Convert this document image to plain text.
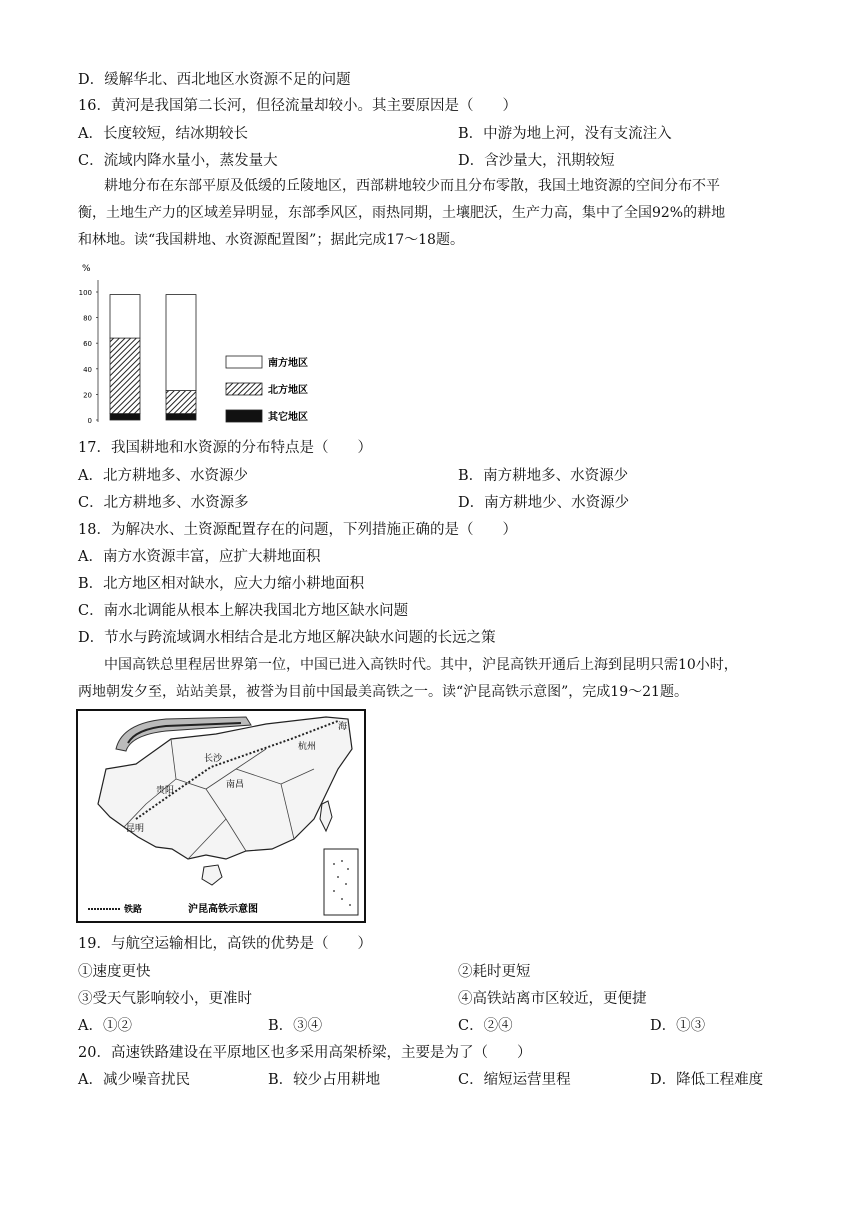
D．缓解华北、西北地区水资源不足的问题
16．黄河是我国第二长河，但径流量却较小。其主要原因是（　　）
A．长度较短，结冰期较长	B．中游为地上河，没有支流注入
C．流域内降水量小，蒸发量大	D．含沙量大，汛期较短
耕地分布在东部平原及低缓的丘陵地区，西部耕地较少而且分布零散，我国土地资源的空间分布不平
衡，土地生产力的区域差异明显，东部季风区，雨热同期，土壤肥沃，生产力高，集中了全国92%的耕地
和林地。读“我国耕地、水资源配置图”；据此完成17～18题。
%
0
20
40
60
80
100
南方地区
北方地区
其它地区
17．我国耕地和水资源的分布特点是（　　）
A．北方耕地多、水资源少	B．南方耕地多、水资源少
C．北方耕地多、水资源多	D．南方耕地少、水资源少
18．为解决水、土资源配置存在的问题，下列措施正确的是（　　）
A．南方水资源丰富，应扩大耕地面积
B．北方地区相对缺水，应大力缩小耕地面积
C．南水北调能从根本上解决我国北方地区缺水问题
D．节水与跨流域调水相结合是北方地区解决缺水问题的长远之策
中国高铁总里程居世界第一位，中国已进入高铁时代。其中，沪昆高铁开通后上海到昆明只需10小时，
两地朝发夕至，站站美景，被誉为目前中国最美高铁之一。读“沪昆高铁示意图”，完成19～21题。
海
杭州
长沙
南昌
贵阳
昆明
铁路	沪昆高铁示意图
19．与航空运输相比，高铁的优势是（　　）
①速度更快	②耗时更短
③受天气影响较小，更准时	④高铁站离市区较近，更便捷
A．①②	B．③④	C．②④	D．①③
20．高速铁路建设在平原地区也多采用高架桥梁，主要是为了（　　）
A．减少噪音扰民	B．较少占用耕地	C．缩短运营里程	D．降低工程难度
